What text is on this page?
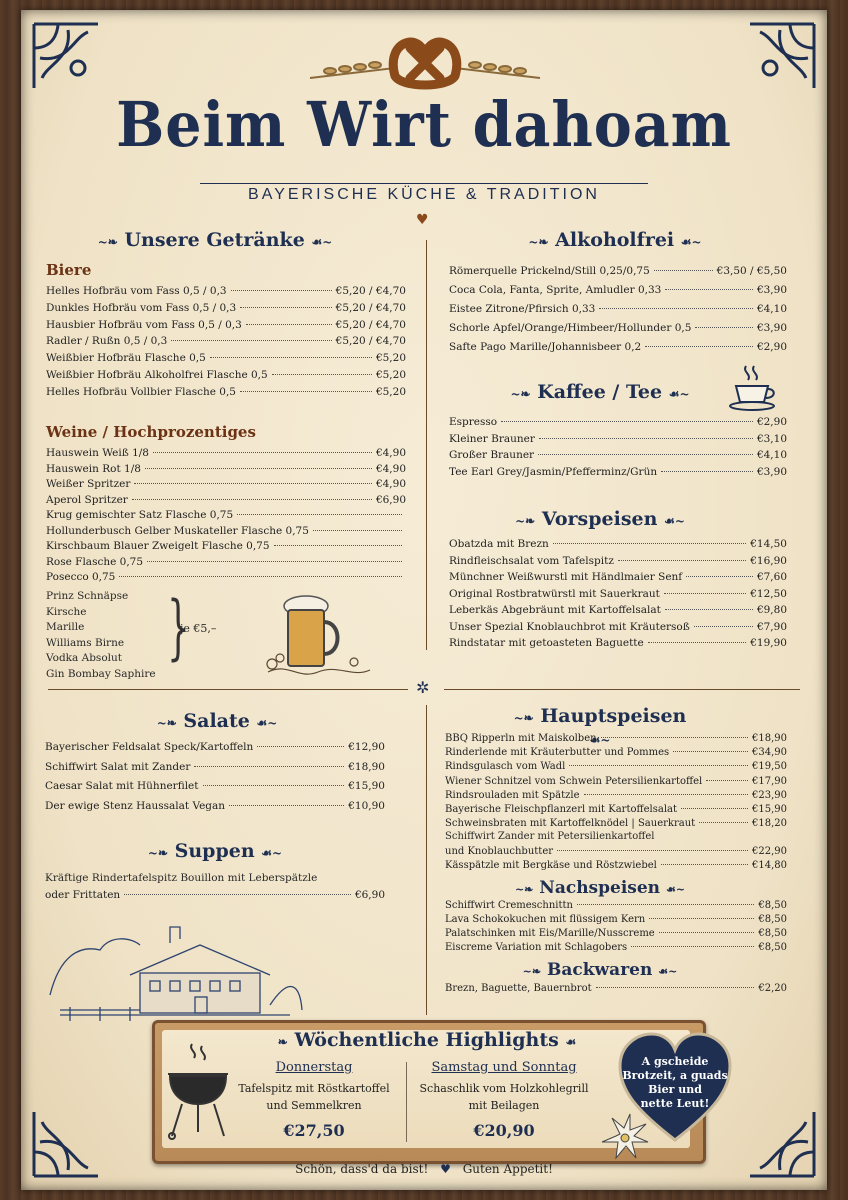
Beim Wirt dahoam
BAYERISCHE KÜCHE & TRADITION
♥
✲
~❧ Unsere Getränke ☙~
Biere
Helles Hofbräu vom Fass 0,5 / 0,3	€5,20 / €4,70
Dunkles Hofbräu vom Fass 0,5 / 0,3	€5,20 / €4,70
Hausbier Hofbräu vom Fass 0,5 / 0,3	€5,20 / €4,70
Radler / Rußn 0,5 / 0,3	€5,20 / €4,70
Weißbier Hofbräu Flasche 0,5	€5,20
Weißbier Hofbräu Alkoholfrei Flasche 0,5	€5,20
Helles Hofbräu Vollbier Flasche 0,5	€5,20
Weine / Hochprozentiges
Hauswein Weiß 1/8	€4,90
Hauswein Rot 1/8	€4,90
Weißer Spritzer	€4,90
Aperol Spritzer	€6,90
Krug gemischter Satz Flasche 0,75
Hollunderbusch Gelber Muskateller Flasche 0,75
Kirschbaum Blauer Zweigelt Flasche 0,75
Rose Flasche 0,75
Posecco 0,75
Prinz Schnäpse
Kirsche
Marille
Williams Birne
Vodka Absolut
Gin Bombay Saphire
}
je €5,–
~❧ Alkoholfrei ☙~
Römerquelle Prickelnd/Still 0,25/0,75	€3,50 / €5,50
Coca Cola, Fanta, Sprite, Amludler 0,33	€3,90
Eistee Zitrone/Pfirsich 0,33	€4,10
Schorle Apfel/Orange/Himbeer/Hollunder 0,5	€3,90
Safte Pago Marille/Johannisbeer 0,2	€2,90
~❧ Kaffee / Tee ☙~
Espresso	€2,90
Kleiner Brauner	€3,10
Großer Brauner	€4,10
Tee Earl Grey/Jasmin/Pfefferminz/Grün	€3,90
~❧ Vorspeisen ☙~
Obatzda mit Brezn	€14,50
Rindfleischsalat vom Tafelspitz	€16,90
Münchner Weißwurstl mit Händlmaier Senf	€7,60
Original Rostbratwürstl mit Sauerkraut	€12,50
Leberkäs Abgebräunt mit Kartoffelsalat	€9,80
Unser Spezial Knoblauchbrot mit Kräutersoß	€7,90
Rindstatar mit getoasteten Baguette	€19,90
~❧ Salate ☙~
Bayerischer Feldsalat Speck/Kartoffeln	€12,90
Schiffwirt Salat mit Zander	€18,90
Caesar Salat mit Hühnerfilet	€15,90
Der ewige Stenz Haussalat Vegan	€10,90
~❧ Suppen ☙~
Kräftige Rindertafelspitz Bouillon mit Leberspätzle
oder Frittaten	€6,90
~❧ Hauptspeisen ☙~
BBQ Ripperln mit Maiskolben	€18,90
Rinderlende mit Kräuterbutter und Pommes	€34,90
Rindsgulasch vom Wadl	€19,50
Wiener Schnitzel vom Schwein Petersilienkartoffel	€17,90
Rindsrouladen mit Spätzle	€23,90
Bayerische Fleischpflanzerl mit Kartoffelsalat	€15,90
Schweinsbraten mit Kartoffelknödel | Sauerkraut	€18,20
Schiffwirt Zander mit Petersilienkartoffel
und Knoblauchbutter	€22,90
Kässpätzle mit Bergkäse und Röstzwiebel	€14,80
~❧ Nachspeisen ☙~
Schiffwirt Cremeschnittn	€8,50
Lava Schokokuchen mit flüssigem Kern	€8,50
Palatschinken mit Eis/Marille/Nusscreme	€8,50
Eiscreme Variation mit Schlagobers	€8,50
~❧ Backwaren ☙~
Brezn, Baguette, Bauernbrot	€2,20
❧ Wöchentliche Highlights ☙
Donnerstag
Tafelspitz mit Röstkartoffel
und Semmelkren
€27,50
Samstag und Sonntag
Schaschlik vom Holzkohlegrill
mit Beilagen
€20,90
A gscheide
Brotzeit, a guads
Bier und
nette Leut!
Schön, dass'd da bist! ♥ Guten Appetit!
